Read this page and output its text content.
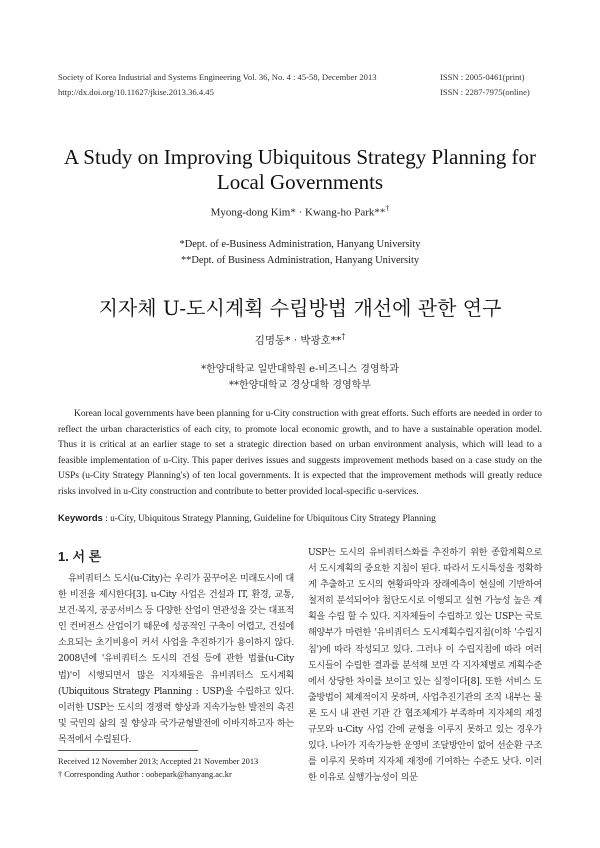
Society of Korea Industrial and Systems Engineering Vol. 36, No. 4 : 45-58, December 2013
http://dx.doi.org/10.11627/jkise.2013.36.4.45
ISSN : 2005-0461(print)
ISSN : 2287-7975(online)
A Study on Improving Ubiquitous Strategy Planning for
Local Governments
Myong-dong Kim* · Kwang-ho Park**†
*Dept. of e-Business Administration, Hanyang University
**Dept. of Business Administration, Hanyang University
지자체 U-도시계획 수립방법 개선에 관한 연구
김명동* · 박광호**†
*한양대학교 일반대학원 e-비즈니스 경영학과
**한양대학교 경상대학 경영학부

Korean local governments have been planning for u-City construction with great efforts. Such efforts are needed in order to reflect the urban characteristics of each city, to promote local economic growth, and to have a sustainable operation model. Thus it is critical at an earlier stage to set a strategic direction based on urban environment analysis, which will lead to a feasible implementation of u-City. This paper derives issues and suggests improvement methods based on a case study on the USPs (u-City Strategy Planning's) of ten local governments. It is expected that the improvement methods will greatly reduce risks involved in u-City construction and contribute to better provided local-specific u-services.

Keywords : u-City, Ubiquitous Strategy Planning, Guideline for Ubiquitous City Strategy Planning
1. 서 론

유비쿼터스 도시(u-City)는 우리가 꿈꾸어온 미래도시에 대한 비전을 제시한다[3]. u-City 사업은 건설과 IT, 환경, 교통, 보건·복지, 공공서비스 등 다양한 산업이 연관성을 갖는 대표적인 컨버전스 산업이기 때문에 성공적인 구축이 어렵고, 건설에 소요되는 초기비용이 커서 사업을 추진하기가 용이하지 않다. 2008년에 '유비쿼터스 도시의 건설 등에 관한 법률(u-City 법)'이 시행되면서 많은 지자체들은 유비쿼터스 도시계획(Ubiquitous Strategy Planning : USP)을 수립하고 있다. 이러한 USP는 도시의 경쟁력 향상과 지속가능한 발전의 촉진 및 국민의 삶의 질 향상과 국가균형발전에 이바지하고자 하는 목적에서 수립된다.

USP는 도시의 유비쿼터스화를 추진하기 위한 종합계획으로서 도시계획의 중요한 지침이 된다. 따라서 도시특성을 정확하게 추출하고 도시의 현황파악과 장래예측이 현실에 기반하여 철저히 분석되어야 첨단도시로 이행되고 실현 가능성 높은 계획을 수립 할 수 있다. 지자체들이 수립하고 있는 USP는 국토해양부가 마련한 '유비쿼터스 도시계획수립지침(이하 '수립지침')에 따라 작성되고 있다. 그러나 이 수립지침에 따라 여러 도시들이 수립한 결과를 분석해 보면 각 지자체별로 계획수준에서 상당한 차이를 보이고 있는 실정이다[8]. 또한 서비스 도출방법이 체계적이지 못하며, 사업추진기관의 조직 내부는 물론 도시 내 관련 기관 간 협조체계가 부족하며 지자체의 재정규모와 u-City 사업 간에 균형을 이루지 못하고 있는 경우가 있다. 나아가 지속가능한 운영비 조달방안이 없어 선순환 구조를 이루지 못하며 지자체 재정에 기여하는 수준도 낮다. 이러한 이유로 실행가능성이 의문

Received 12 November 2013; Accepted 21 November 2013
† Corresponding Author : oobepark@hanyang.ac.kr
